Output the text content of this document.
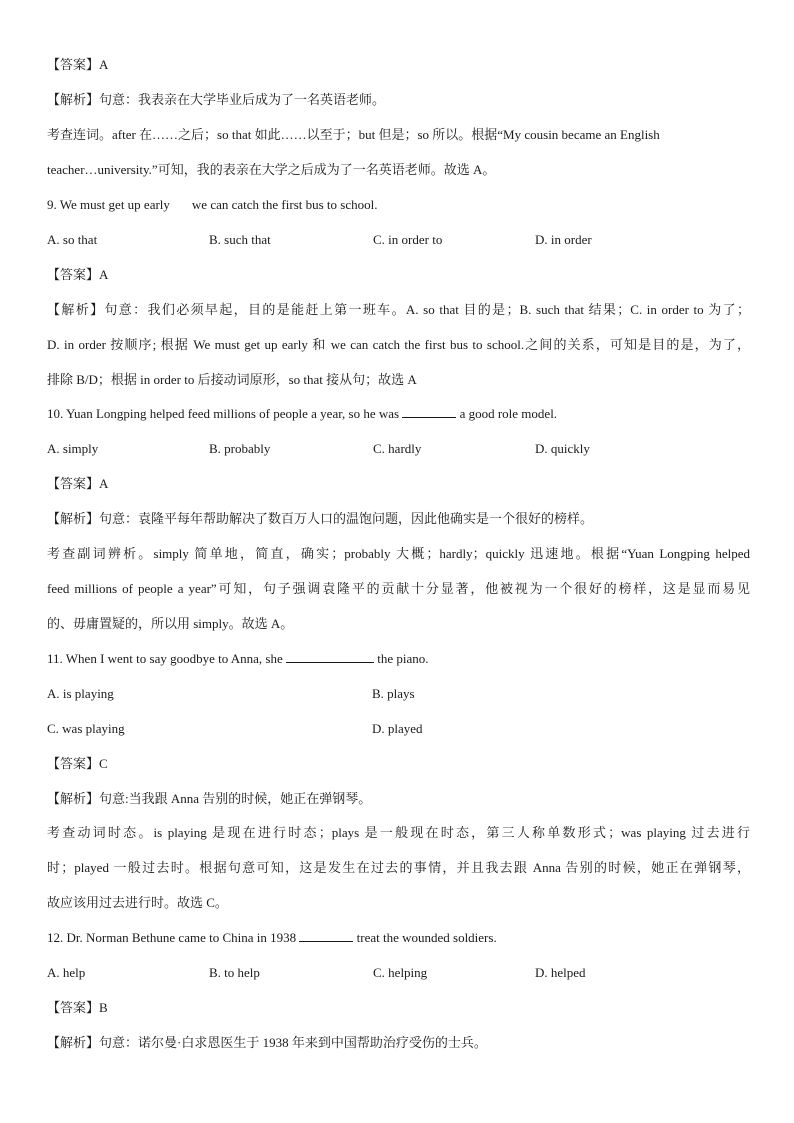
【答案】A
【解析】句意：我表亲在大学毕业后成为了一名英语老师。
考查连词。after 在……之后；so that 如此……以至于；but 但是；so 所以。根据“My cousin became an English
teacher…university.”可知，我的表亲在大学之后成为了一名英语老师。故选 A。
9. We must get up early we can catch the first bus to school.
A. so that	B. such that	C. in order to	D. in order
【答案】A
【解析】句意：我们必须早起，目的是能赶上第一班车。A. so that 目的是；B. such that 结果；C. in order to 为了；
D. in order 按顺序; 根据 We must get up early 和 we can catch the first bus to school.之间的关系，可知是目的是，为了，
排除 B/D；根据 in order to 后接动词原形，so that 接从句；故选 A
10. Yuan Longping helped feed millions of people a year, so he was	a good role model.
A. simply	B. probably	C. hardly	D. quickly
【答案】A
【解析】句意：袁隆平每年帮助解决了数百万人口的温饱问题，因此他确实是一个很好的榜样。
考查副词辨析。simply 简单地，简直，确实；probably 大概；hardly；quickly 迅速地。根据“Yuan Longping helped
feed millions of people a year”可知，句子强调袁隆平的贡献十分显著，他被视为一个很好的榜样，这是显而易见
的、毋庸置疑的，所以用 simply。故选 A。
11. When I went to say goodbye to Anna, she	the piano.
A. is playing	B. plays
C. was playing	D. played
【答案】C
【解析】句意:当我跟 Anna 告别的时候，她正在弹钢琴。
考查动词时态。is playing 是现在进行时态；plays 是一般现在时态，第三人称单数形式；was playing 过去进行
时；played 一般过去时。根据句意可知，这是发生在过去的事情，并且我去跟 Anna 告别的时候，她正在弹钢琴，
故应该用过去进行时。故选 C。
12. Dr. Norman Bethune came to China in 1938	treat the wounded soldiers.
A. help	B. to help	C. helping	D. helped
【答案】B
【解析】句意：诺尔曼·白求恩医生于 1938 年来到中国帮助治疗受伤的士兵。
